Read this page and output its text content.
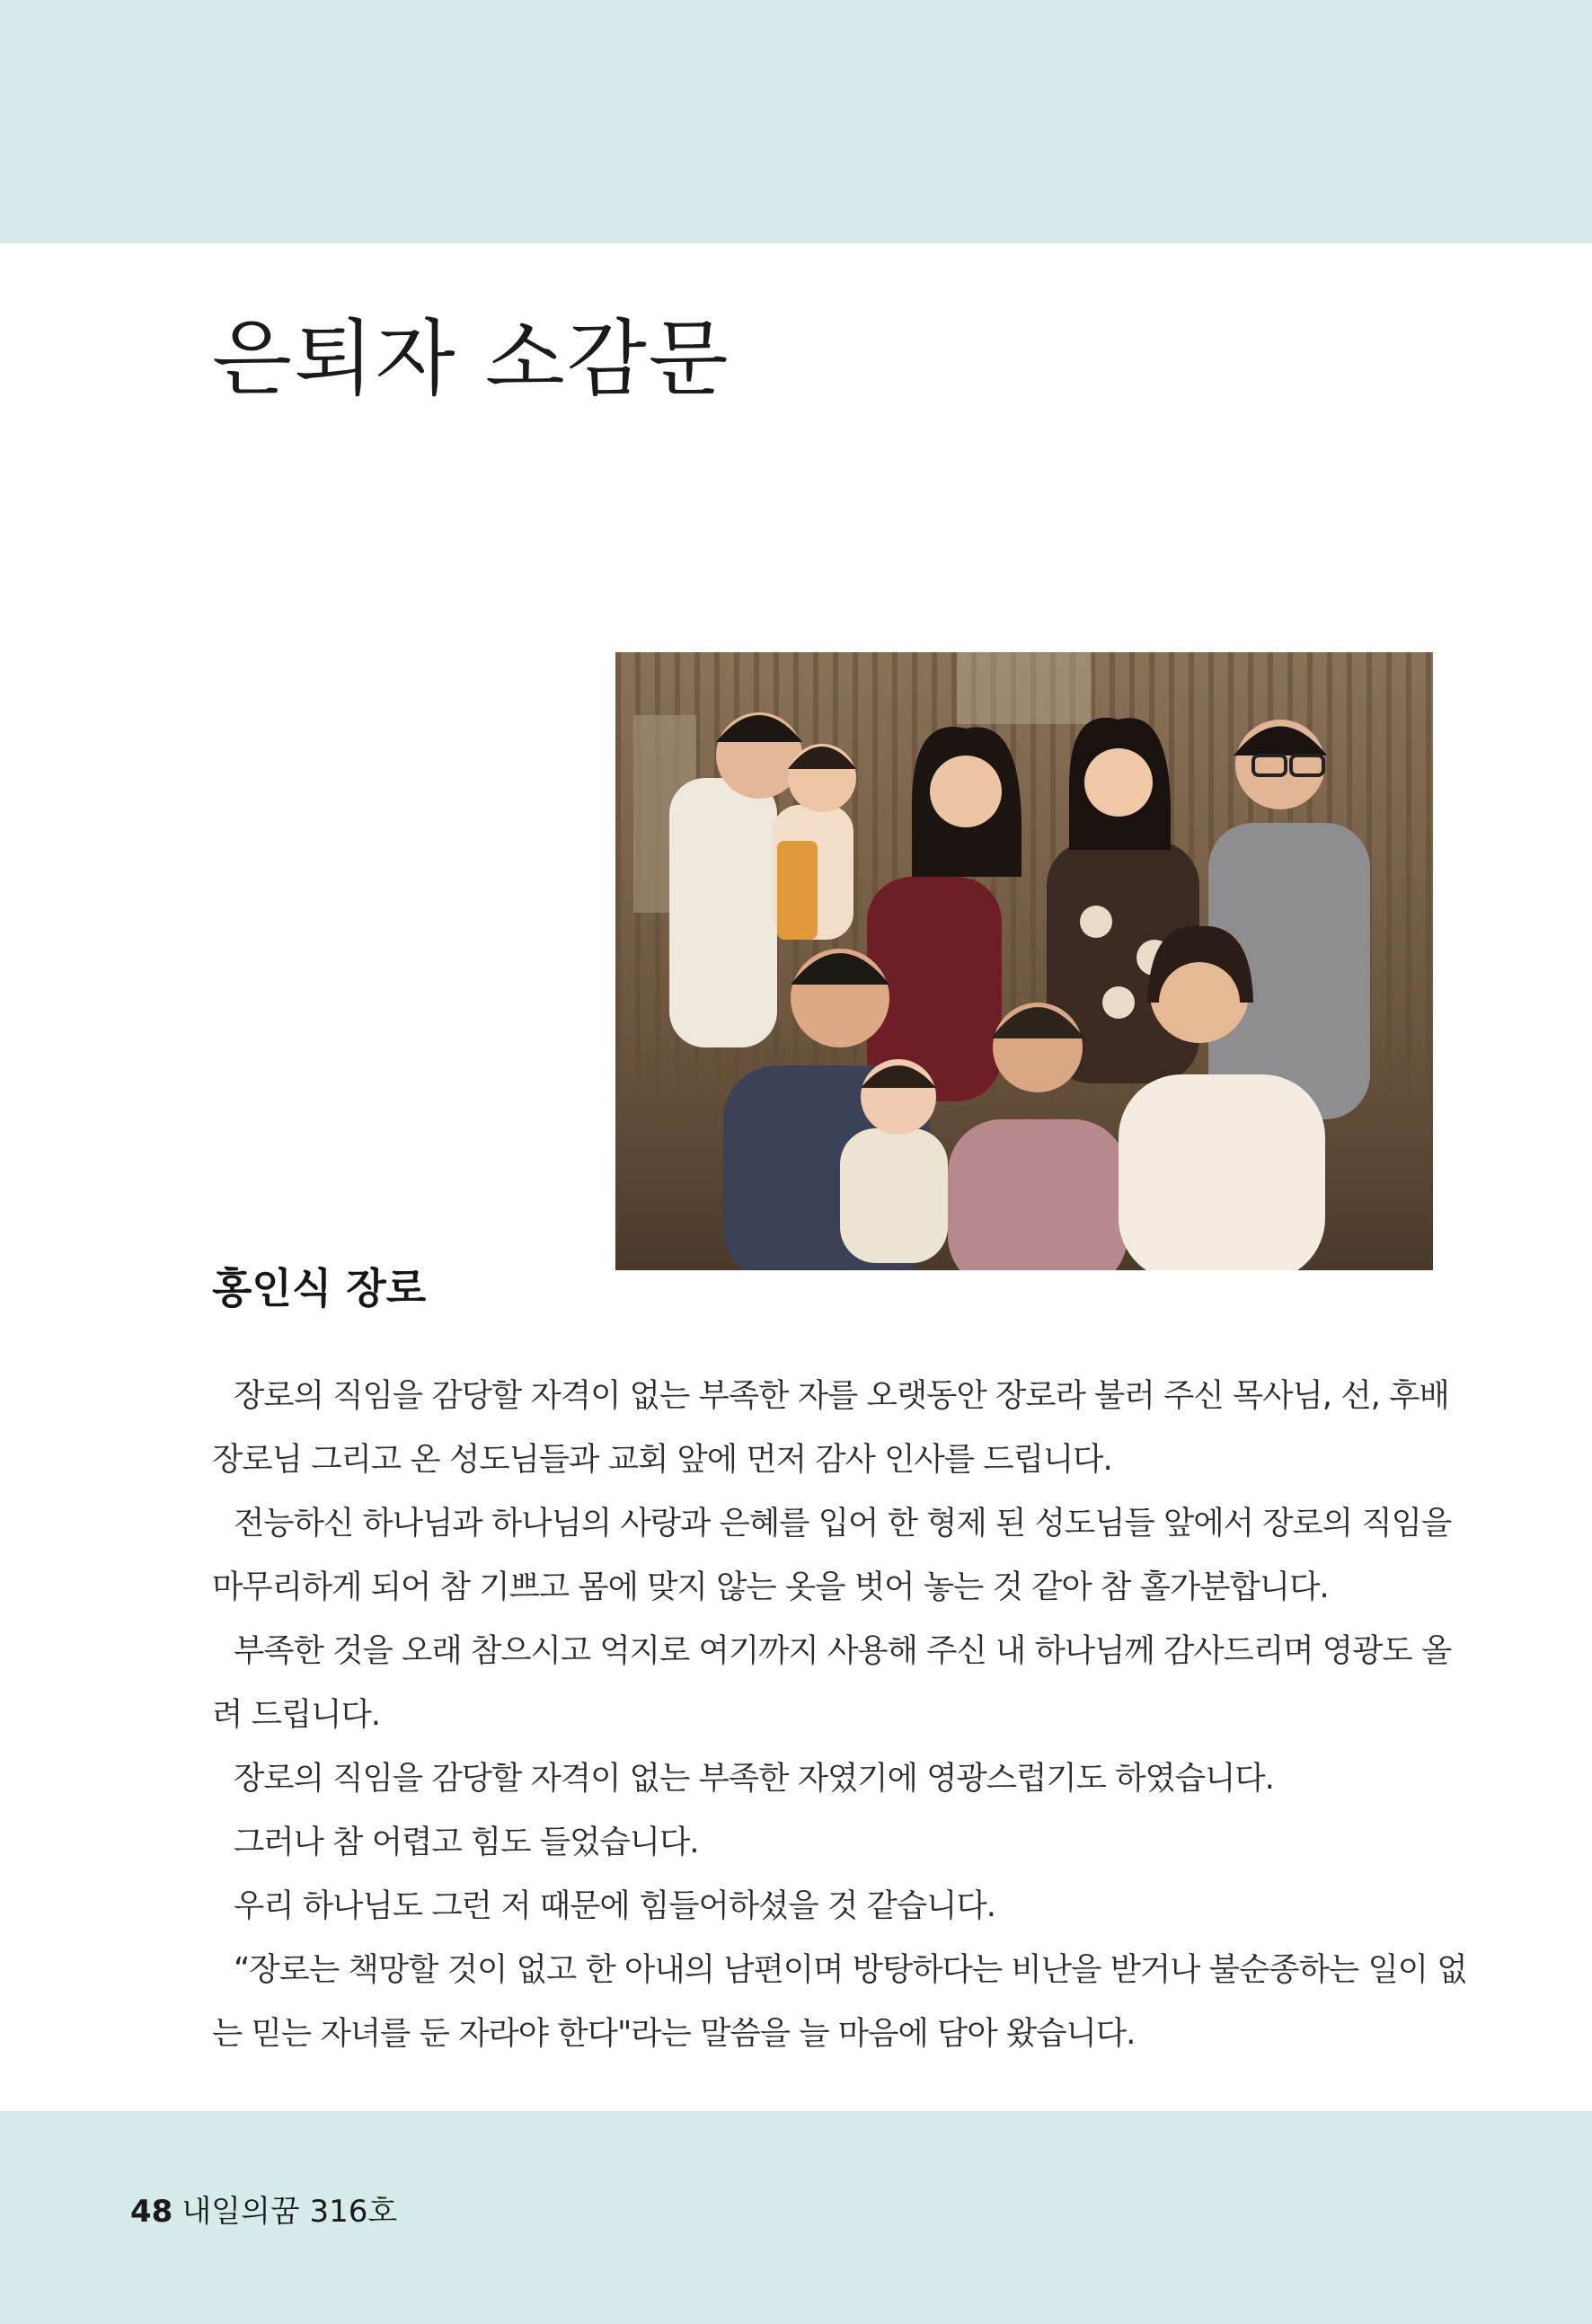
은퇴자 소감문
홍인식 장로
장로의 직임을 감당할 자격이 없는 부족한 자를 오랫동안 장로라 불러 주신 목사님, 선, 후배
장로님 그리고 온 성도님들과 교회 앞에 먼저 감사 인사를 드립니다.
전능하신 하나님과 하나님의 사랑과 은혜를 입어 한 형제 된 성도님들 앞에서 장로의 직임을
마무리하게 되어 참 기쁘고 몸에 맞지 않는 옷을 벗어 놓는 것 같아 참 홀가분합니다.
부족한 것을 오래 참으시고 억지로 여기까지 사용해 주신 내 하나님께 감사드리며 영광도 올
려 드립니다.
장로의 직임을 감당할 자격이 없는 부족한 자였기에 영광스럽기도 하였습니다.
그러나 참 어렵고 힘도 들었습니다.
우리 하나님도 그런 저 때문에 힘들어하셨을 것 같습니다.
“장로는 책망할 것이 없고 한 아내의 남편이며 방탕하다는 비난을 받거나 불순종하는 일이 없
는 믿는 자녀를 둔 자라야 한다"라는 말씀을 늘 마음에 담아 왔습니다.
48 내일의꿈 316호
